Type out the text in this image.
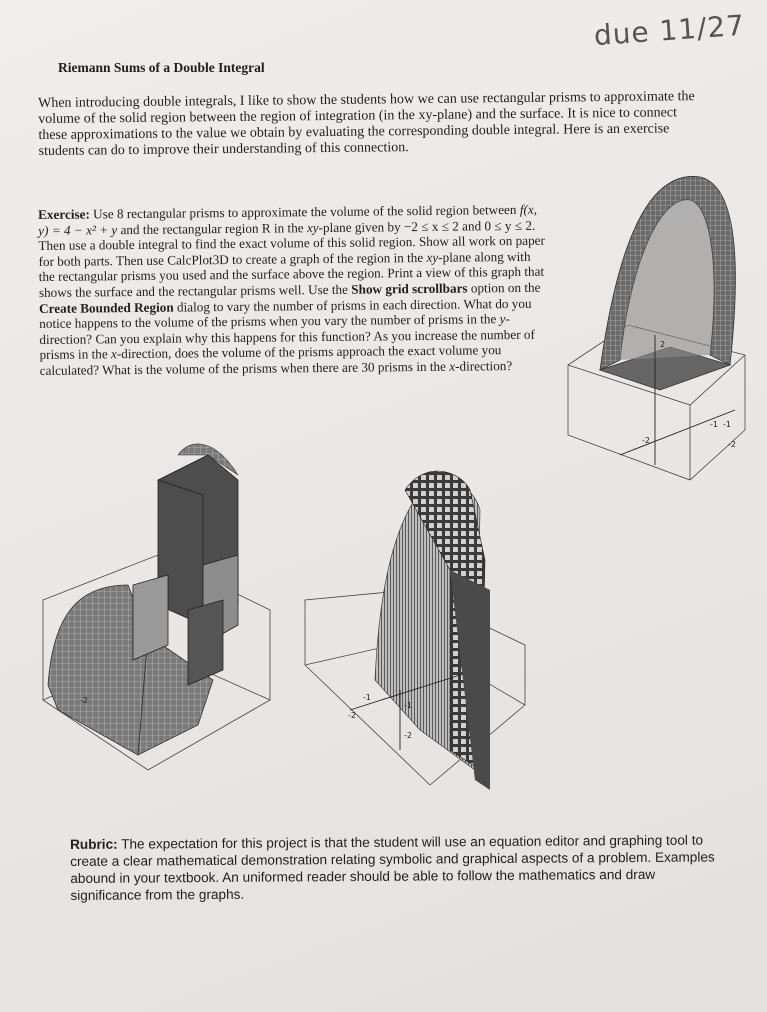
due 11/27
Riemann Sums of a Double Integral
When introducing double integrals, I like to show the students how we can use rectangular prisms to approximate the volume of the solid region between the region of integration (in the xy-plane) and the surface. It is nice to connect these approximations to the value we obtain by evaluating the corresponding double integral. Here is an exercise students can do to improve their understanding of this connection.
Exercise: Use 8 rectangular prisms to approximate the volume of the solid region between f(x, y) = 4 − x² + y and the rectangular region R in the xy-plane given by −2 ≤ x ≤ 2 and 0 ≤ y ≤ 2. Then use a double integral to find the exact volume of this solid region. Show all work on paper for both parts. Then use CalcPlot3D to create a graph of the region in the xy-plane along with the rectangular prisms you used and the surface above the region. Print a view of this graph that shows the surface and the rectangular prisms well. Use the Show grid scrollbars option on the Create Bounded Region dialog to vary the number of prisms in each direction. What do you notice happens to the volume of the prisms when you vary the number of prisms in the y-direction? Can you explain why this happens for this function? As you increase the number of prisms in the x-direction, does the volume of the prisms approach the exact volume you calculated? What is the volume of the prisms when there are 30 prisms in the x-direction?
2
-1 -1
-2	-2
-2	-1
-2
-1
-2
Rubric: The expectation for this project is that the student will use an equation editor and graphing tool to create a clear mathematical demonstration relating symbolic and graphical aspects of a problem. Examples abound in your textbook. An uniformed reader should be able to follow the mathematics and draw significance from the graphs.
